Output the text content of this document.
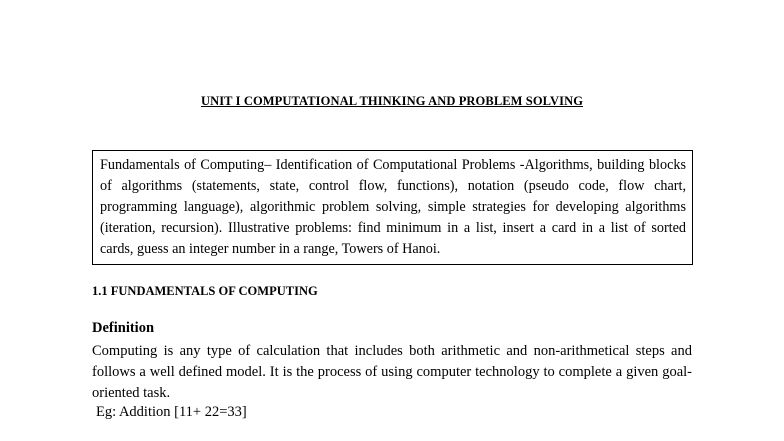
UNIT I COMPUTATIONAL THINKING AND PROBLEM SOLVING

Fundamentals of Computing– Identification of Computational Problems -Algorithms, building blocks of algorithms (statements, state, control flow, functions), notation (pseudo code, flow chart, programming language), algorithmic problem solving, simple strategies for developing algorithms (iteration, recursion). Illustrative problems: find minimum in a list, insert a card in a list of sorted cards, guess an integer number in a range, Towers of Hanoi.

1.1 FUNDAMENTALS OF COMPUTING
Definition

Computing is any type of calculation that includes both arithmetic and non-arithmetical steps and follows a well defined model. It is the process of using computer technology to complete a given goal-oriented task.

Eg: Addition [11+ 22=33]
